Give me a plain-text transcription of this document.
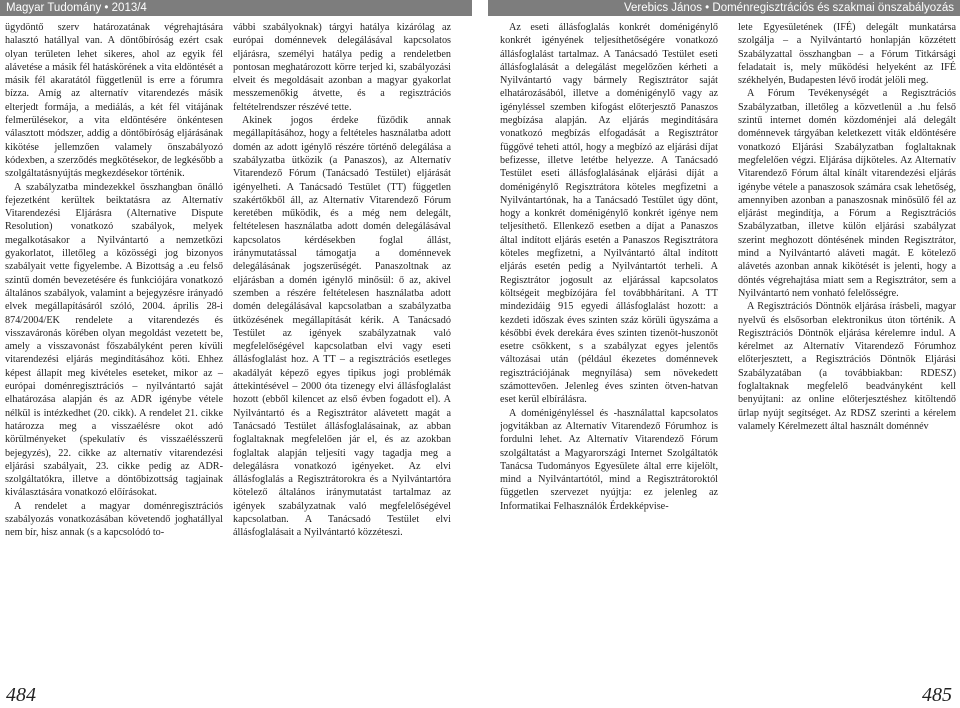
Magyar Tudomány • 2013/4	Verebics János • Doménregisztrációs és szakmai önszabályozás

ügydöntő szerv határozatának végrehajtására halasztó hatállyal van. A döntőbíróság ezért csak olyan területen lehet sikeres, ahol az egyik fél alávetése a másik fél hatáskörének a vita eldöntését a másik fél akaratától függetlenül is erre a fórumra bízza. Amíg az alternatív vitarendezés másik elterjedt formája, a mediálás, a két fél vitájának felmerülésekor, a vita eldöntésére önkéntesen választott módszer, addig a döntőbíróság eljárásának kikötése jellemzően valamely önszabályozó kódexben, a szerződés megkötésekor, de legkésőbb a szolgáltatásnyújtás megkezdésekor történik.

A szabályzatba mindezekkel összhangban önálló fejezetként kerültek beiktatásra az Alternatív Vitarendezési Eljárásra (Alternative Dispute Resolution) vonatkozó szabályok, melyek megalkotásakor a Nyilvántartó a nemzetközi gyakorlatot, illetőleg a közösségi jog bizonyos szabályait vette figyelembe. A Bizottság a .eu felső szintű domén bevezetésére és funkciójára vonatkozó általános szabályok, valamint a bejegyzésre irányadó elvek megállapításáról szóló, 2004. április 28-i 874/2004/EK rendelete a vitarendezés és visszaváronás körében olyan megoldást vezetett be, amely a visszavonást főszabályként peren kívüli vitarendezési eljárás megindításához köti. Ehhez képest állapít meg kivételes eseteket, mikor az – európai doménregisztrációs – nyilvántartó saját elhatározása alapján és az ADR igénybe vétele nélkül is intézkedhet (20. cikk). A rendelet 21. cikke határozza meg a visszaélésre okot adó körülményeket (spekulatív és visszaélésszerű bejegyzés), 22. cikke az alternatív vitarendezési eljárási szabályait, 23. cikke pedig az ADR-szolgáltatókra, illetve a döntőbizottság tagjainak kiválasztására vonatkozó előírásokat.

A rendelet a magyar doménregisztrációs szabályozás vonatkozásában követendő joghatállyal nem bír, hisz annak (s a kapcsolódó to-

vábbi szabályoknak) tárgyi hatálya kizárólag az európai doménnevek delegálásával kapcsolatos eljárásra, személyi hatálya pedig a rendeletben pontosan meghatározott körre terjed ki, szabályozási elveit és megoldásait azonban a magyar gyakorlat messzemenőkig átvette, és a regisztrációs feltételrendszer részévé tette.

Akinek jogos érdeke fűződik annak megállapításához, hogy a feltételes használatba adott domén az adott igénylő részére történő delegálása a szabályzatba ütközik (a Panaszos), az Alternatív Vitarendező Fórum (Tanácsadó Testület) eljárását igényelheti. A Tanácsadó Testület (TT) független szakértőkből áll, az Alternatív Vitarendező Fórum keretében működik, és a még nem delegált, feltételesen használatba adott domén delegálásával kapcsolatos kérdésekben foglal állást, iránymutatással támogatja a doménnevek delegálásának jogszerűségét. Panaszoltnak az eljárásban a domén igénylő minősül: ő az, akivel szemben a részére feltételesen használatba adott domén delegálásával kapcsolatban a szabályzatba ütközésének megállapítását kérik. A Tanácsadó Testület az igények szabályzatnak való megfelelőségével kapcsolatban elvi vagy eseti állásfoglalást hoz. A TT – a regisztrációs esetleges akadályát képező egyes tipikus jogi problémák áttekintésével – 2000 óta tizenegy elvi állásfoglalást hozott (ebből kilencet az első évben fogadott el). A Nyilvántartó és a Regisztrátor alávetett magát a Tanácsadó Testület állásfoglalásainak, az abban foglaltaknak megfelelően jár el, és az azokban foglaltak alapján teljesíti vagy tagadja meg a delegálásra vonatkozó igényeket. Az elvi állásfoglalás a Regisztrátorokra és a Nyilvántartóra kötelező általános iránymutatást tartalmaz az igények szabályzatnak való megfelelőségével kapcsolatban. A Tanácsadó Testület elvi állásfoglalásait a Nyilvántartó közzéteszi.

Az eseti állásfoglalás konkrét doménigénylő konkrét igényének teljesíthetőségére vonatkozó állásfoglalást tartalmaz. A Tanácsadó Testület eseti állásfoglalását a delegálást megelőzően kérheti a Nyilvántartó vagy bármely Regisztrátor saját elhatározásából, illetve a doménigénylő vagy az igényléssel szemben kifogást előterjesztő Panaszos megbízása alapján. Az eljárás megindítására vonatkozó megbízás elfogadását a Regisztrátor függővé teheti attól, hogy a megbízó az eljárási díjat befizesse, illetve letétbe helyezze. A Tanácsadó Testület eseti állásfoglalásának eljárási díját a doménigénylő Regisztrátora köteles megfizetni a Nyilvántartónak, ha a Tanácsadó Testület úgy dönt, hogy a konkrét doménigénylő konkrét igénye nem teljesíthető. Ellenkező esetben a díjat a Panaszos által indított eljárás esetén a Panaszos Regisztrátora köteles megfizetni, a Nyilvántartó által indított eljárás esetén pedig a Nyilvántartót terheli. A Regisztrátor jogosult az eljárással kapcsolatos költségeit megbízójára fel továbbhárítani. A TT mindezidáig 915 egyedi állásfoglalást hozott: a kezdeti időszak éves szinten száz körüli ügyszáma a későbbi évek derekára éves szinten tizenöt-huszonöt esetre csökkent, s a szabályzat egyes jelentős változásai után (például ékezetes doménnevek regisztrációjának megnyílása) sem növekedett számottevően. Jelenleg éves szinten ötven-hatvan eset kerül elbírálásra.

A doménigényléssel és -használattal kapcsolatos jogvitákban az Alternatív Vitarendező Fórumhoz is fordulni lehet. Az Alternatív Vitarendező Fórum szolgáltatást a Magyarországi Internet Szolgáltatók Tanácsa Tudományos Egyesülete által erre kijelölt, mind a Nyilvántartótól, mind a Regisztrátoroktól független szervezet nyújtja: ez jelenleg az Informatikai Felhasználók Érdekképvise-

lete Egyesületének (IFÉ) delegált munkatársa szolgálja – a Nyilvántartó honlapján közzétett Szabályzattal összhangban – a Fórum Titkársági feladatait is, mely működési helyeként az IFÉ székhelyén, Budapesten lévő irodát jelöli meg.

A Fórum Tevékenységét a Regisztrációs Szabályzatban, illetőleg a közvetlenül a .hu felső szintű internet domén közdoménjei alá delegált doménnevek tárgyában keletkezett viták eldöntésére vonatkozó Eljárási Szabályzatban foglaltaknak megfelelően végzi. Eljárása díjköteles. Az Alternatív Vitarendező Fórum által kínált vitarendezési eljárás igénybe vétele a panaszosok számára csak lehetőség, amennyiben azonban a panaszosnak minősülő fél az eljárást megindítja, a Fórum a Regisztrációs Szabályzatban, illetve külön eljárási szabályzat szerint meghozott döntésének minden Regisztrátor, mind a Nyilvántartó aláveti magát. E kötelező alávetés azonban annak kikötését is jelenti, hogy a döntés végrehajtása miatt sem a Regisztrátor, sem a Nyilvántartó nem vonható felelősségre.

A Regisztrációs Döntnök eljárása írásbeli, magyar nyelvű és elsősorban elektronikus úton történik. A Regisztrációs Döntnök eljárása kérelemre indul. A kérelmet az Alternatív Vitarendező Fórumhoz előterjesztett, a Regisztrációs Döntnök Eljárási Szabályzatában (a továbbiakban: RDESZ) foglaltaknak megfelelő beadványként kell benyújtani: az online előterjesztéshez kitöltendő űrlap nyújt segítséget. Az RDSZ szerinti a kérelem valamely Kérelmezett által használt doménnév

484	485
